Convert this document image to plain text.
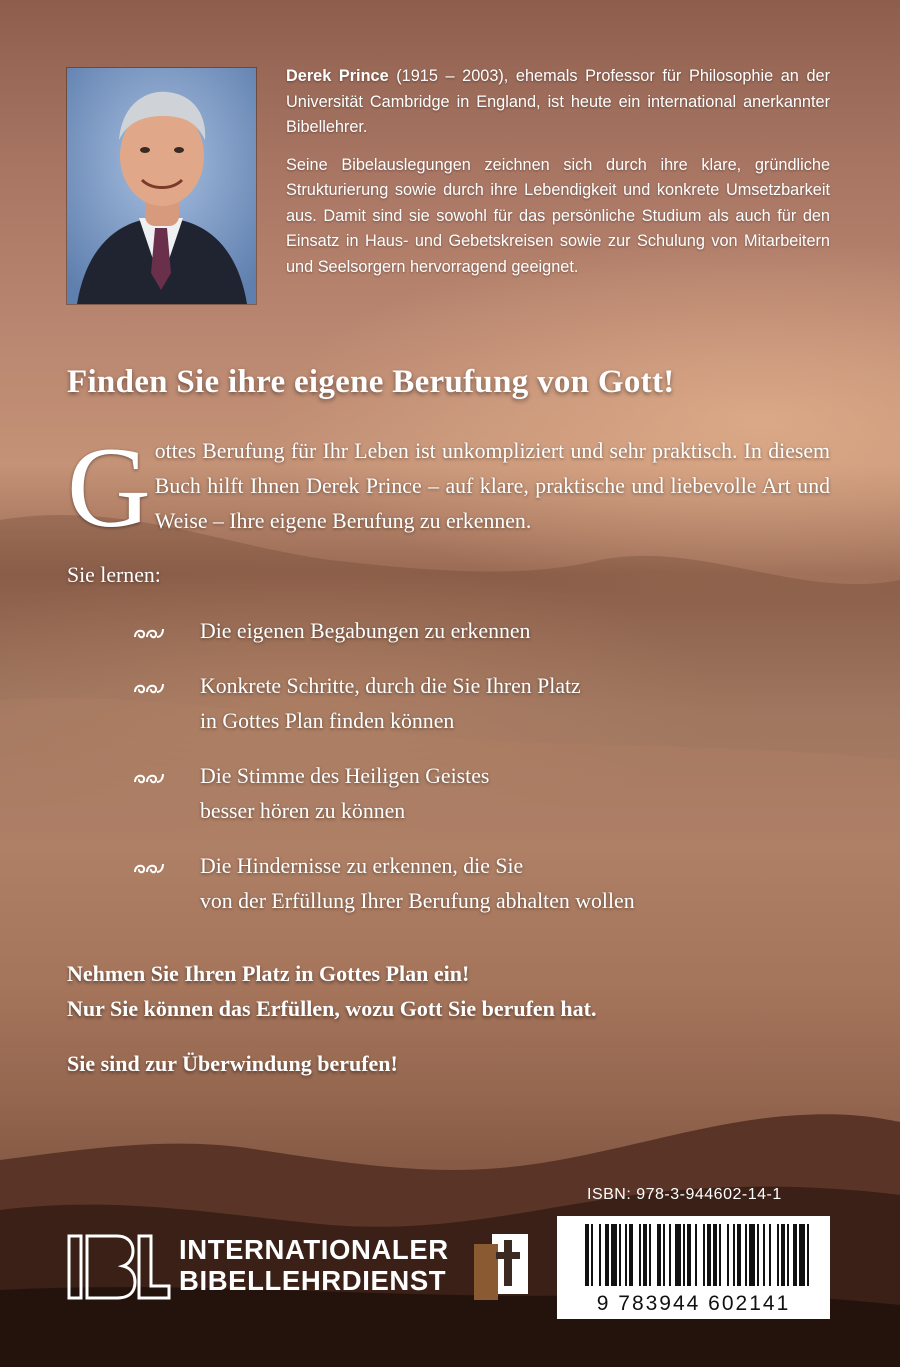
Derek Prince (1915 – 2003), ehemals Professor für Philosophie an der Universität Cambridge in England, ist heute ein international anerkannter Bibellehrer.

Seine Bibelauslegungen zeichnen sich durch ihre klare, gründliche Strukturierung sowie durch ihre Lebendigkeit und konkrete Umsetzbarkeit aus. Damit sind sie sowohl für das persönliche Studium als auch für den Einsatz in Haus- und Gebetskreisen sowie zur Schulung von Mitarbeitern und Seelsorgern hervorragend geeignet.

Finden Sie ihre eigene Berufung von Gott!
G ottes Berufung für Ihr Leben ist unkompliziert und sehr praktisch. In diesem Buch hilft Ihnen Derek Prince – auf klare, praktische und liebevolle Art und Weise – Ihre eigene Berufung zu erkennen.
Sie lernen:
Die eigenen Begabungen zu erkennen
Konkrete Schritte, durch die Sie Ihren Platz
in Gottes Plan finden können
Die Stimme des Heiligen Geistes
besser hören zu können
Die Hindernisse zu erkennen, die Sie
von der Erfüllung Ihrer Berufung abhalten wollen
Nehmen Sie Ihren Platz in Gottes Plan ein!
Nur Sie können das Erfüllen, wozu Gott Sie berufen hat.
Sie sind zur Überwindung berufen!
ISBN: 978-3-944602-14-1
9 783944 602141
INTERNATIONALER
BIBELLEHRDIENST
